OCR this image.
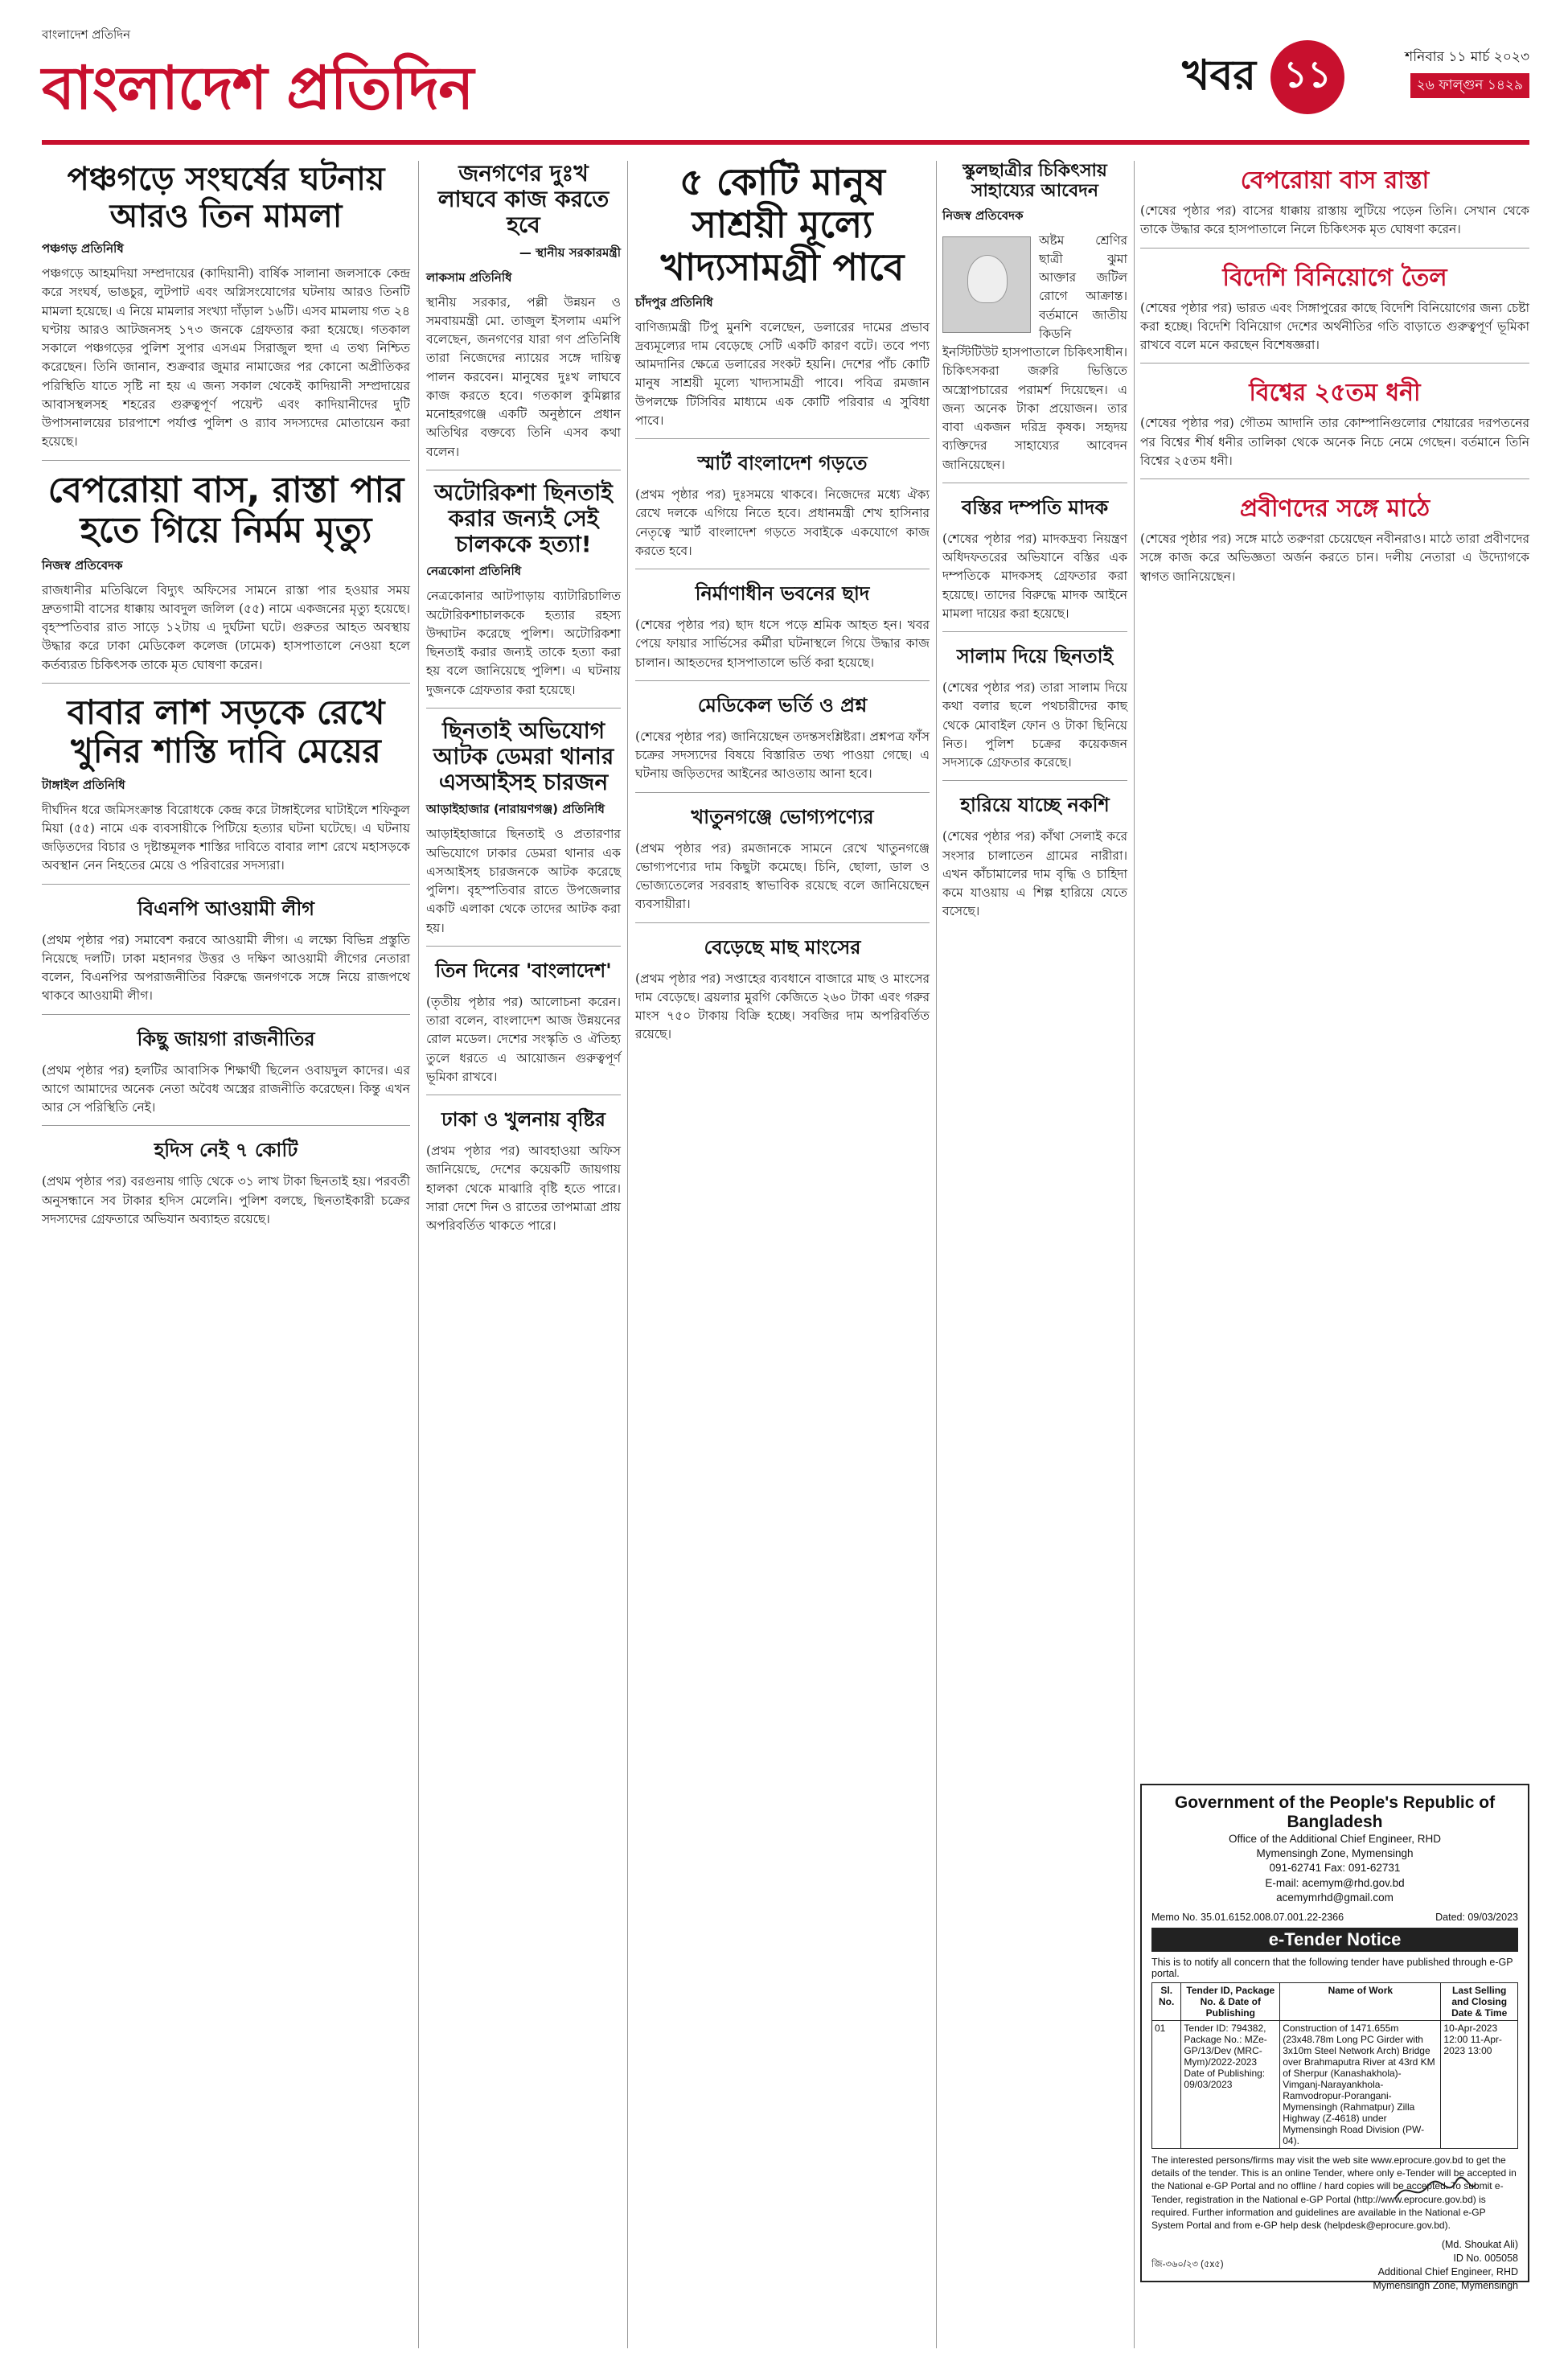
বাংলাদেশ প্রতিদিন
বাংলাদেশ প্রতিদিন	খবর ১১	শনিবার ১১ মার্চ ২০২৩
২৬ ফাল্গুন ১৪২৯
পঞ্চগড়ে সংঘর্ষের ঘটনায় আরও তিন মামলা
পঞ্চগড় প্রতিনিধি
পঞ্চগড়ে আহমদিয়া সম্প্রদায়ের (কাদিয়ানী) বার্ষিক সালানা জলসাকে কেন্দ্র করে সংঘর্ষ, ভাঙচুর, লুটপাট এবং অগ্নিসংযোগের ঘটনায় আরও তিনটি মামলা হয়েছে। এ নিয়ে মামলার সংখ্যা দাঁড়াল ১৬টি। এসব মামলায় গত ২৪ ঘণ্টায় আরও আটজনসহ ১৭৩ জনকে গ্রেফতার করা হয়েছে। গতকাল সকালে পঞ্চগড়ের পুলিশ সুপার এসএম সিরাজুল হুদা এ তথ্য নিশ্চিত করেছেন। তিনি জানান, শুক্রবার জুমার নামাজের পর কোনো অপ্রীতিকর পরিস্থিতি যাতে সৃষ্টি না হয় এ জন্য সকাল থেকেই কাদিয়ানী সম্প্রদায়ের আবাসস্থলসহ শহরের গুরুত্বপূর্ণ পয়েন্ট এবং কাদিয়ানীদের দুটি উপাসনালয়ের চারপাশে পর্যাপ্ত পুলিশ ও র‌্যাব সদস্যদের মোতায়েন করা হয়েছে।
বেপরোয়া বাস, রাস্তা পার হতে গিয়ে নির্মম মৃত্যু
নিজস্ব প্রতিবেদক
রাজধানীর মতিঝিলে বিদ্যুৎ অফিসের সামনে রাস্তা পার হওয়ার সময় দ্রুতগামী বাসের ধাক্কায় আবদুল জলিল (৫৫) নামে একজনের মৃত্যু হয়েছে। বৃহস্পতিবার রাত সাড়ে ১২টায় এ দুর্ঘটনা ঘটে। গুরুতর আহত অবস্থায় উদ্ধার করে ঢাকা মেডিকেল কলেজ (ঢামেক) হাসপাতালে নেওয়া হলে কর্তব্যরত চিকিৎসক তাকে মৃত ঘোষণা করেন।
বাবার লাশ সড়কে রেখে খুনির শাস্তি দাবি মেয়ের
টাঙ্গাইল প্রতিনিধি
দীর্ঘদিন ধরে জমিসংক্রান্ত বিরোধকে কেন্দ্র করে টাঙ্গাইলের ঘাটাইলে শফিকুল মিয়া (৫৫) নামে এক ব্যবসায়ীকে পিটিয়ে হত্যার ঘটনা ঘটেছে। এ ঘটনায় জড়িতদের বিচার ও দৃষ্টান্তমূলক শাস্তির দাবিতে বাবার লাশ রেখে মহাসড়কে অবস্থান নেন নিহতের মেয়ে ও পরিবারের সদস্যরা।
বিএনপি আওয়ামী লীগ
(প্রথম পৃষ্ঠার পর) সমাবেশ করবে আওয়ামী লীগ। এ লক্ষ্যে বিভিন্ন প্রস্তুতি নিয়েছে দলটি। ঢাকা মহানগর উত্তর ও দক্ষিণ আওয়ামী লীগের নেতারা বলেন, বিএনপির অপরাজনীতির বিরুদ্ধে জনগণকে সঙ্গে নিয়ে রাজপথে থাকবে আওয়ামী লীগ।
কিছু জায়গা রাজনীতির
(প্রথম পৃষ্ঠার পর) হলটির আবাসিক শিক্ষার্থী ছিলেন ওবায়দুল কাদের। এর আগে আমাদের অনেক নেতা অবৈধ অস্ত্রের রাজনীতি করেছেন। কিন্তু এখন আর সে পরিস্থিতি নেই।
হদিস নেই ৭ কোটি
(প্রথম পৃষ্ঠার পর) বরগুনায় গাড়ি থেকে ৩১ লাখ টাকা ছিনতাই হয়। পরবর্তী অনুসন্ধানে সব টাকার হদিস মেলেনি। পুলিশ বলছে, ছিনতাইকারী চক্রের সদস্যদের গ্রেফতারে অভিযান অব্যাহত রয়েছে।
জনগণের দুঃখ লাঘবে কাজ করতে হবে
— স্থানীয় সরকারমন্ত্রী
লাকসাম প্রতিনিধি
স্থানীয় সরকার, পল্লী উন্নয়ন ও সমবায়মন্ত্রী মো. তাজুল ইসলাম এমপি বলেছেন, জনগণের যারা গণ প্রতিনিধি তারা নিজেদের ন্যায়ের সঙ্গে দায়িত্ব পালন করবেন। মানুষের দুঃখ লাঘবে কাজ করতে হবে। গতকাল কুমিল্লার মনোহরগঞ্জে একটি অনুষ্ঠানে প্রধান অতিথির বক্তব্যে তিনি এসব কথা বলেন।
অটোরিকশা ছিনতাই করার জন্যই সেই চালককে হত্যা!
নেত্রকোনা প্রতিনিধি
নেত্রকোনার আটপাড়ায় ব্যাটারিচালিত অটোরিকশাচালককে হত্যার রহস্য উদ্ঘাটন করেছে পুলিশ। অটোরিকশা ছিনতাই করার জন্যই তাকে হত্যা করা হয় বলে জানিয়েছে পুলিশ। এ ঘটনায় দুজনকে গ্রেফতার করা হয়েছে।
ছিনতাই অভিযোগ আটক ডেমরা থানার এসআইসহ চারজন
আড়াইহাজার (নারায়ণগঞ্জ) প্রতিনিধি
আড়াইহাজারে ছিনতাই ও প্রতারণার অভিযোগে ঢাকার ডেমরা থানার এক এসআইসহ চারজনকে আটক করেছে পুলিশ। বৃহস্পতিবার রাতে উপজেলার একটি এলাকা থেকে তাদের আটক করা হয়।
তিন দিনের 'বাংলাদেশ'
(তৃতীয় পৃষ্ঠার পর) আলোচনা করেন। তারা বলেন, বাংলাদেশ আজ উন্নয়নের রোল মডেল। দেশের সংস্কৃতি ও ঐতিহ্য তুলে ধরতে এ আয়োজন গুরুত্বপূর্ণ ভূমিকা রাখবে।
ঢাকা ও খুলনায় বৃষ্টির
(প্রথম পৃষ্ঠার পর) আবহাওয়া অফিস জানিয়েছে, দেশের কয়েকটি জায়গায় হালকা থেকে মাঝারি বৃষ্টি হতে পারে। সারা দেশে দিন ও রাতের তাপমাত্রা প্রায় অপরিবর্তিত থাকতে পারে।
৫ কোটি মানুষ সাশ্রয়ী মূল্যে খাদ্যসামগ্রী পাবে
চাঁদপুর প্রতিনিধি
বাণিজ্যমন্ত্রী টিপু মুনশি বলেছেন, ডলারের দামের প্রভাব দ্রব্যমূল্যের দাম বেড়েছে সেটি একটি কারণ বটে। তবে পণ্য আমদানির ক্ষেত্রে ডলারের সংকট হয়নি। দেশের পাঁচ কোটি মানুষ সাশ্রয়ী মূল্যে খাদ্যসামগ্রী পাবে। পবিত্র রমজান উপলক্ষে টিসিবির মাধ্যমে এক কোটি পরিবার এ সুবিধা পাবে।
স্মার্ট বাংলাদেশ গড়তে
(প্রথম পৃষ্ঠার পর) দুঃসময়ে থাকবে। নিজেদের মধ্যে ঐক্য রেখে দলকে এগিয়ে নিতে হবে। প্রধানমন্ত্রী শেখ হাসিনার নেতৃত্বে স্মার্ট বাংলাদেশ গড়তে সবাইকে একযোগে কাজ করতে হবে।
নির্মাণাধীন ভবনের ছাদ
(শেষের পৃষ্ঠার পর) ছাদ ধসে পড়ে শ্রমিক আহত হন। খবর পেয়ে ফায়ার সার্ভিসের কর্মীরা ঘটনাস্থলে গিয়ে উদ্ধার কাজ চালান। আহতদের হাসপাতালে ভর্তি করা হয়েছে।
মেডিকেল ভর্তি ও প্রশ্ন
(শেষের পৃষ্ঠার পর) জানিয়েছেন তদন্তসংশ্লিষ্টরা। প্রশ্নপত্র ফাঁস চক্রের সদস্যদের বিষয়ে বিস্তারিত তথ্য পাওয়া গেছে। এ ঘটনায় জড়িতদের আইনের আওতায় আনা হবে।
খাতুনগঞ্জে ভোগ্যপণ্যের
(প্রথম পৃষ্ঠার পর) রমজানকে সামনে রেখে খাতুনগঞ্জে ভোগ্যপণ্যের দাম কিছুটা কমেছে। চিনি, ছোলা, ডাল ও ভোজ্যতেলের সরবরাহ স্বাভাবিক রয়েছে বলে জানিয়েছেন ব্যবসায়ীরা।
বেড়েছে মাছ মাংসের
(প্রথম পৃষ্ঠার পর) সপ্তাহের ব্যবধানে বাজারে মাছ ও মাংসের দাম বেড়েছে। ব্রয়লার মুরগি কেজিতে ২৬০ টাকা এবং গরুর মাংস ৭৫০ টাকায় বিক্রি হচ্ছে। সবজির দাম অপরিবর্তিত রয়েছে।
স্কুলছাত্রীর চিকিৎসায় সাহায্যের আবেদন
নিজস্ব প্রতিবেদক
অষ্টম শ্রেণির ছাত্রী ঝুমা আক্তার জটিল রোগে আক্রান্ত। বর্তমানে জাতীয় কিডনি ইনস্টিটিউট হাসপাতালে চিকিৎসাধীন। চিকিৎসকরা জরুরি ভিত্তিতে অস্ত্রোপচারের পরামর্শ দিয়েছেন। এ জন্য অনেক টাকা প্রয়োজন। তার বাবা একজন দরিদ্র কৃষক। সহৃদয় ব্যক্তিদের সাহায্যের আবেদন জানিয়েছেন।
বস্তির দম্পতি মাদক
(শেষের পৃষ্ঠার পর) মাদকদ্রব্য নিয়ন্ত্রণ অধিদফতরের অভিযানে বস্তির এক দম্পতিকে মাদকসহ গ্রেফতার করা হয়েছে। তাদের বিরুদ্ধে মাদক আইনে মামলা দায়ের করা হয়েছে।
সালাম দিয়ে ছিনতাই
(শেষের পৃষ্ঠার পর) তারা সালাম দিয়ে কথা বলার ছলে পথচারীদের কাছ থেকে মোবাইল ফোন ও টাকা ছিনিয়ে নিত। পুলিশ চক্রের কয়েকজন সদস্যকে গ্রেফতার করেছে।
হারিয়ে যাচ্ছে নকশি
(শেষের পৃষ্ঠার পর) কাঁথা সেলাই করে সংসার চালাতেন গ্রামের নারীরা। এখন কাঁচামালের দাম বৃদ্ধি ও চাহিদা কমে যাওয়ায় এ শিল্প হারিয়ে যেতে বসেছে।
বেপরোয়া বাস রাস্তা
(শেষের পৃষ্ঠার পর) বাসের ধাক্কায় রাস্তায় লুটিয়ে পড়েন তিনি। সেখান থেকে তাকে উদ্ধার করে হাসপাতালে নিলে চিকিৎসক মৃত ঘোষণা করেন।
বিদেশি বিনিয়োগে তৈল
(শেষের পৃষ্ঠার পর) ভারত এবং সিঙ্গাপুরের কাছে বিদেশি বিনিয়োগের জন্য চেষ্টা করা হচ্ছে। বিদেশি বিনিয়োগ দেশের অর্থনীতির গতি বাড়াতে গুরুত্বপূর্ণ ভূমিকা রাখবে বলে মনে করছেন বিশেষজ্ঞরা।
বিশ্বের ২৫তম ধনী
(শেষের পৃষ্ঠার পর) গৌতম আদানি তার কোম্পানিগুলোর শেয়ারের দরপতনের পর বিশ্বের শীর্ষ ধনীর তালিকা থেকে অনেক নিচে নেমে গেছেন। বর্তমানে তিনি বিশ্বের ২৫তম ধনী।
প্রবীণদের সঙ্গে মাঠে
(শেষের পৃষ্ঠার পর) সঙ্গে মাঠে তরুণরা চেয়েছেন নবীনরাও। মাঠে তারা প্রবীণদের সঙ্গে কাজ করে অভিজ্ঞতা অর্জন করতে চান। দলীয় নেতারা এ উদ্যোগকে স্বাগত জানিয়েছেন।
Government of the People's Republic of Bangladesh
Office of the Additional Chief Engineer, RHD
Mymensingh Zone, Mymensingh
091-62741 Fax: 091-62731
E-mail: acemym@rhd.gov.bd
acemymrhd@gmail.com
Memo No. 35.01.6152.008.07.001.22-2366	Dated: 09/03/2023
e-Tender Notice
This is to notify all concern that the following tender have published through e-GP portal.
Sl. No.	Tender ID, Package No. & Date of Publishing	Name of Work	Last Selling and Closing Date & Time
01	Tender ID: 794382, Package No.: MZe-GP/13/Dev (MRC-Mym)/2022-2023 Date of Publishing: 09/03/2023	Construction of 1471.655m (23x48.78m Long PC Girder with 3x10m Steel Network Arch) Bridge over Brahmaputra River at 43rd KM of Sherpur (Kanashakhola)-Vimganj-Narayankhola-Ramvodropur-Porangani-Mymensingh (Rahmatpur) Zilla Highway (Z-4618) under Mymensingh Road Division (PW-04).	10-Apr-2023 12:00 11-Apr-2023 13:00
The interested persons/firms may visit the web site www.eprocure.gov.bd to get the details of the tender. This is an online Tender, where only e-Tender will be accepted in the National e-GP Portal and no offline / hard copies will be accepted. To submit e-Tender, registration in the National e-GP Portal (http://www.eprocure.gov.bd) is required. Further information and guidelines are available in the National e-GP System Portal and from e-GP help desk (helpdesk@eprocure.gov.bd).
(Md. Shoukat Ali)
ID No. 005058
Additional Chief Engineer, RHD
Mymensingh Zone, Mymensingh
জি-৩৬০/২৩ (৫x৫)
